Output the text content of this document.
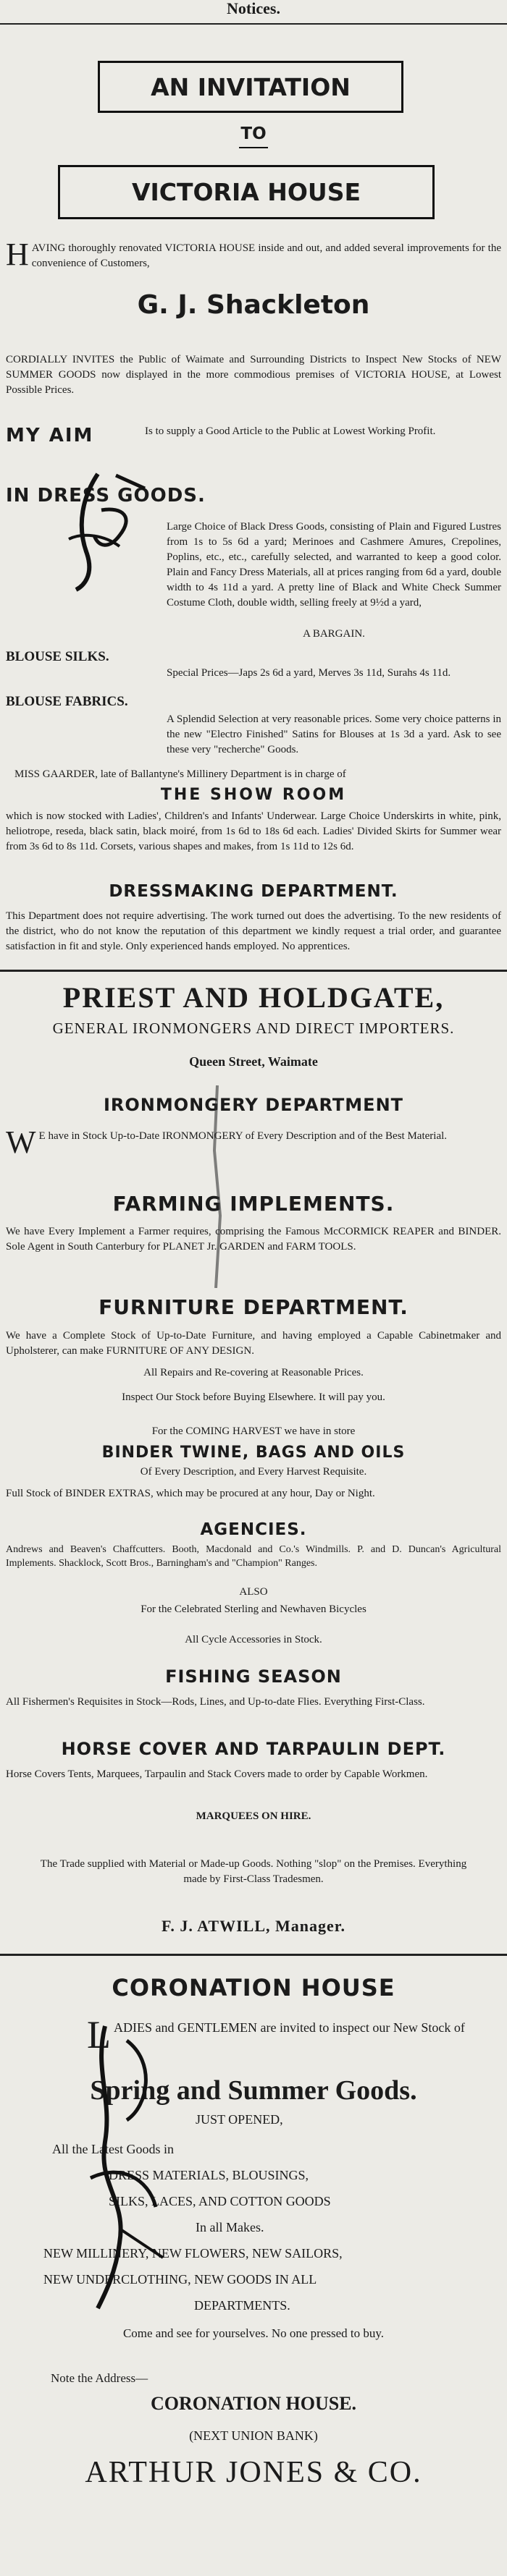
Notices.
AN INVITATION
TO
VICTORIA HOUSE
HAVING thoroughly renovated VICTORIA HOUSE inside and out, and added several improvements for the convenience of Customers,
G. J. Shackleton
CORDIALLY INVITES the Public of Waimate and Surrounding Districts to Inspect New Stocks of NEW SUMMER GOODS now displayed in the more commodious premises of VICTORIA HOUSE, at Lowest Possible Prices.
MY AIM	Is to supply a Good Article to the Public at Lowest Working Profit.
IN DRESS GOODS.
Large Choice of Black Dress Goods, consisting of Plain and Figured Lustres from 1s to 5s 6d a yard; Merinoes and Cashmere Amures, Crepolines, Poplins, etc., etc., carefully selected, and warranted to keep a good color. Plain and Fancy Dress Materials, all at prices ranging from 6d a yard, double width to 4s 11d a yard. A pretty line of Black and White Check Summer Costume Cloth, double width, selling freely at 9½d a yard,
A BARGAIN.
BLOUSE SILKS.
Special Prices—Japs 2s 6d a yard, Merves 3s 11d, Surahs 4s 11d.
BLOUSE FABRICS.
A Splendid Selection at very reasonable prices. Some very choice patterns in the new "Electro Finished" Satins for Blouses at 1s 3d a yard. Ask to see these very "recherche" Goods.
MISS GAARDER, late of Ballantyne's Millinery Department is in charge of
THE SHOW ROOM
which is now stocked with Ladies', Children's and Infants' Underwear. Large Choice Underskirts in white, pink, heliotrope, reseda, black satin, black moiré, from 1s 6d to 18s 6d each. Ladies' Divided Skirts for Summer wear from 3s 6d to 8s 11d. Corsets, various shapes and makes, from 1s 11d to 12s 6d.
DRESSMAKING DEPARTMENT.
This Department does not require advertising. The work turned out does the advertising. To the new residents of the district, who do not know the reputation of this department we kindly request a trial order, and guarantee satisfaction in fit and style. Only experienced hands employed. No apprentices.
PRIEST AND HOLDGATE,
GENERAL IRONMONGERS AND DIRECT IMPORTERS.
Queen Street, Waimate
IRONMONGERY DEPARTMENT
W E have in Stock Up-to-Date IRONMONGERY of Every Description and of the Best Material.
FARMING IMPLEMENTS.
We have Every Implement a Farmer requires, comprising the Famous McCORMICK REAPER and BINDER. Sole Agent in South Canterbury for PLANET Jr. GARDEN and FARM TOOLS.
FURNITURE DEPARTMENT.
We have a Complete Stock of Up-to-Date Furniture, and having employed a Capable Cabinetmaker and Upholsterer, can make FURNITURE OF ANY DESIGN.
All Repairs and Re-covering at Reasonable Prices.
Inspect Our Stock before Buying Elsewhere. It will pay you.
For the COMING HARVEST we have in store
BINDER TWINE, BAGS AND OILS
Of Every Description, and Every Harvest Requisite.
Full Stock of BINDER EXTRAS, which may be procured at any hour, Day or Night.
AGENCIES.
Andrews and Beaven's Chaffcutters. Booth, Macdonald and Co.'s Windmills. P. and D. Duncan's Agricultural Implements. Shacklock, Scott Bros., Barningham's and "Champion" Ranges.
ALSO
For the Celebrated Sterling and Newhaven Bicycles
All Cycle Accessories in Stock.
FISHING SEASON
All Fishermen's Requisites in Stock—Rods, Lines, and Up-to-date Flies. Everything First-Class.
HORSE COVER AND TARPAULIN DEPT.
Horse Covers Tents, Marquees, Tarpaulin and Stack Covers made to order by Capable Workmen.
MARQUEES ON HIRE.
The Trade supplied with Material or Made-up Goods. Nothing "slop" on the Premises. Everything made by First-Class Tradesmen.
F. J. ATWILL, Manager.
CORONATION HOUSE
LADIES and GENTLEMEN are invited to inspect our New Stock of
Spring and Summer Goods.
JUST OPENED,
All the Latest Goods in
DRESS MATERIALS, BLOUSINGS,
SILKS, LACES, AND COTTON GOODS
In all Makes.
NEW MILLINERY, NEW FLOWERS, NEW SAILORS,
NEW UNDERCLOTHING, NEW GOODS IN ALL
DEPARTMENTS.
Come and see for yourselves. No one pressed to buy.
Note the Address—
CORONATION HOUSE.
(NEXT UNION BANK)
ARTHUR JONES & CO.
